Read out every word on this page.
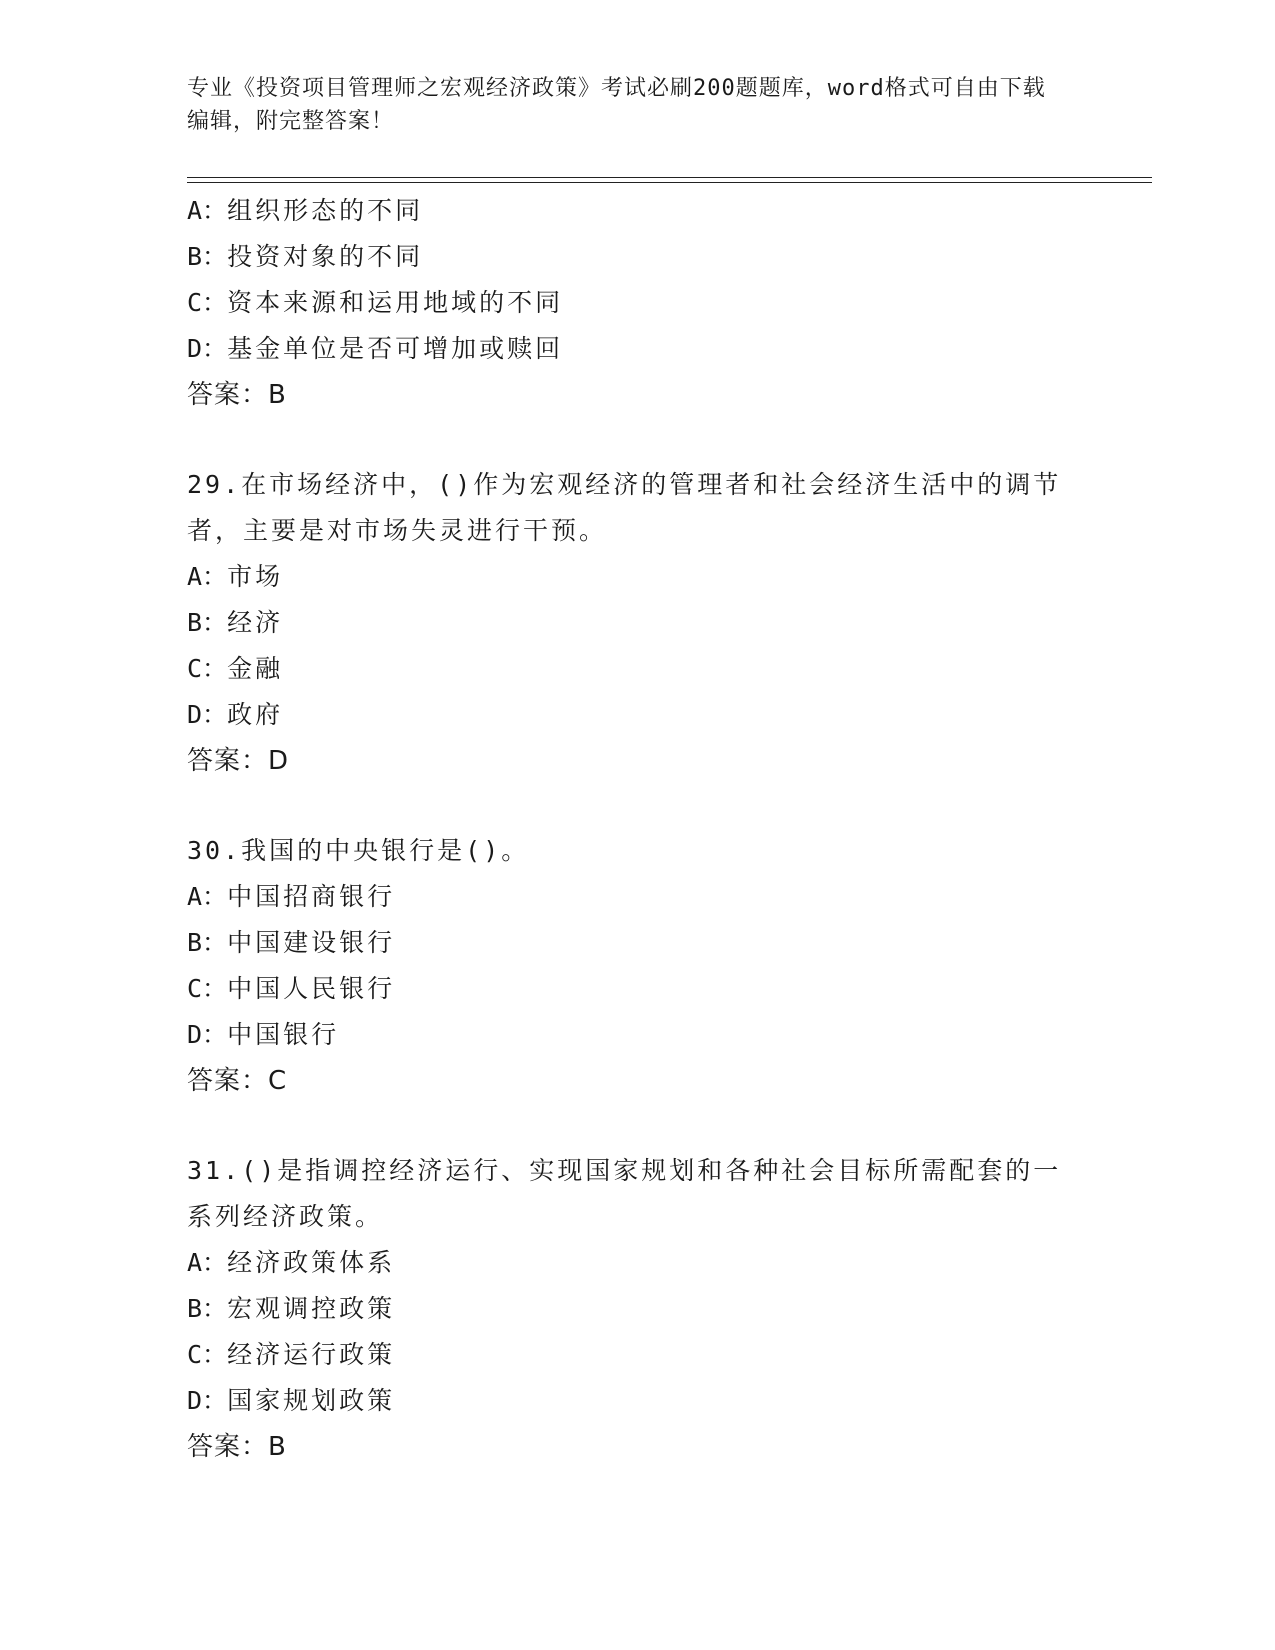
专业《投资项目管理师之宏观经济政策》考试必刷200题题库，word格式可自由下载编辑，附完整答案！
A：组织形态的不同
B：投资对象的不同
C：资本来源和运用地域的不同
D：基金单位是否可增加或赎回
答案：B
29.在市场经济中，()作为宏观经济的管理者和社会经济生活中的调节者，主要是对市场失灵进行干预。
A：市场
B：经济
C：金融
D：政府
答案：D
30.我国的中央银行是()。
A：中国招商银行
B：中国建设银行
C：中国人民银行
D：中国银行
答案：C
31.()是指调控经济运行、实现国家规划和各种社会目标所需配套的一系列经济政策。
A：经济政策体系
B：宏观调控政策
C：经济运行政策
D：国家规划政策
答案：B
